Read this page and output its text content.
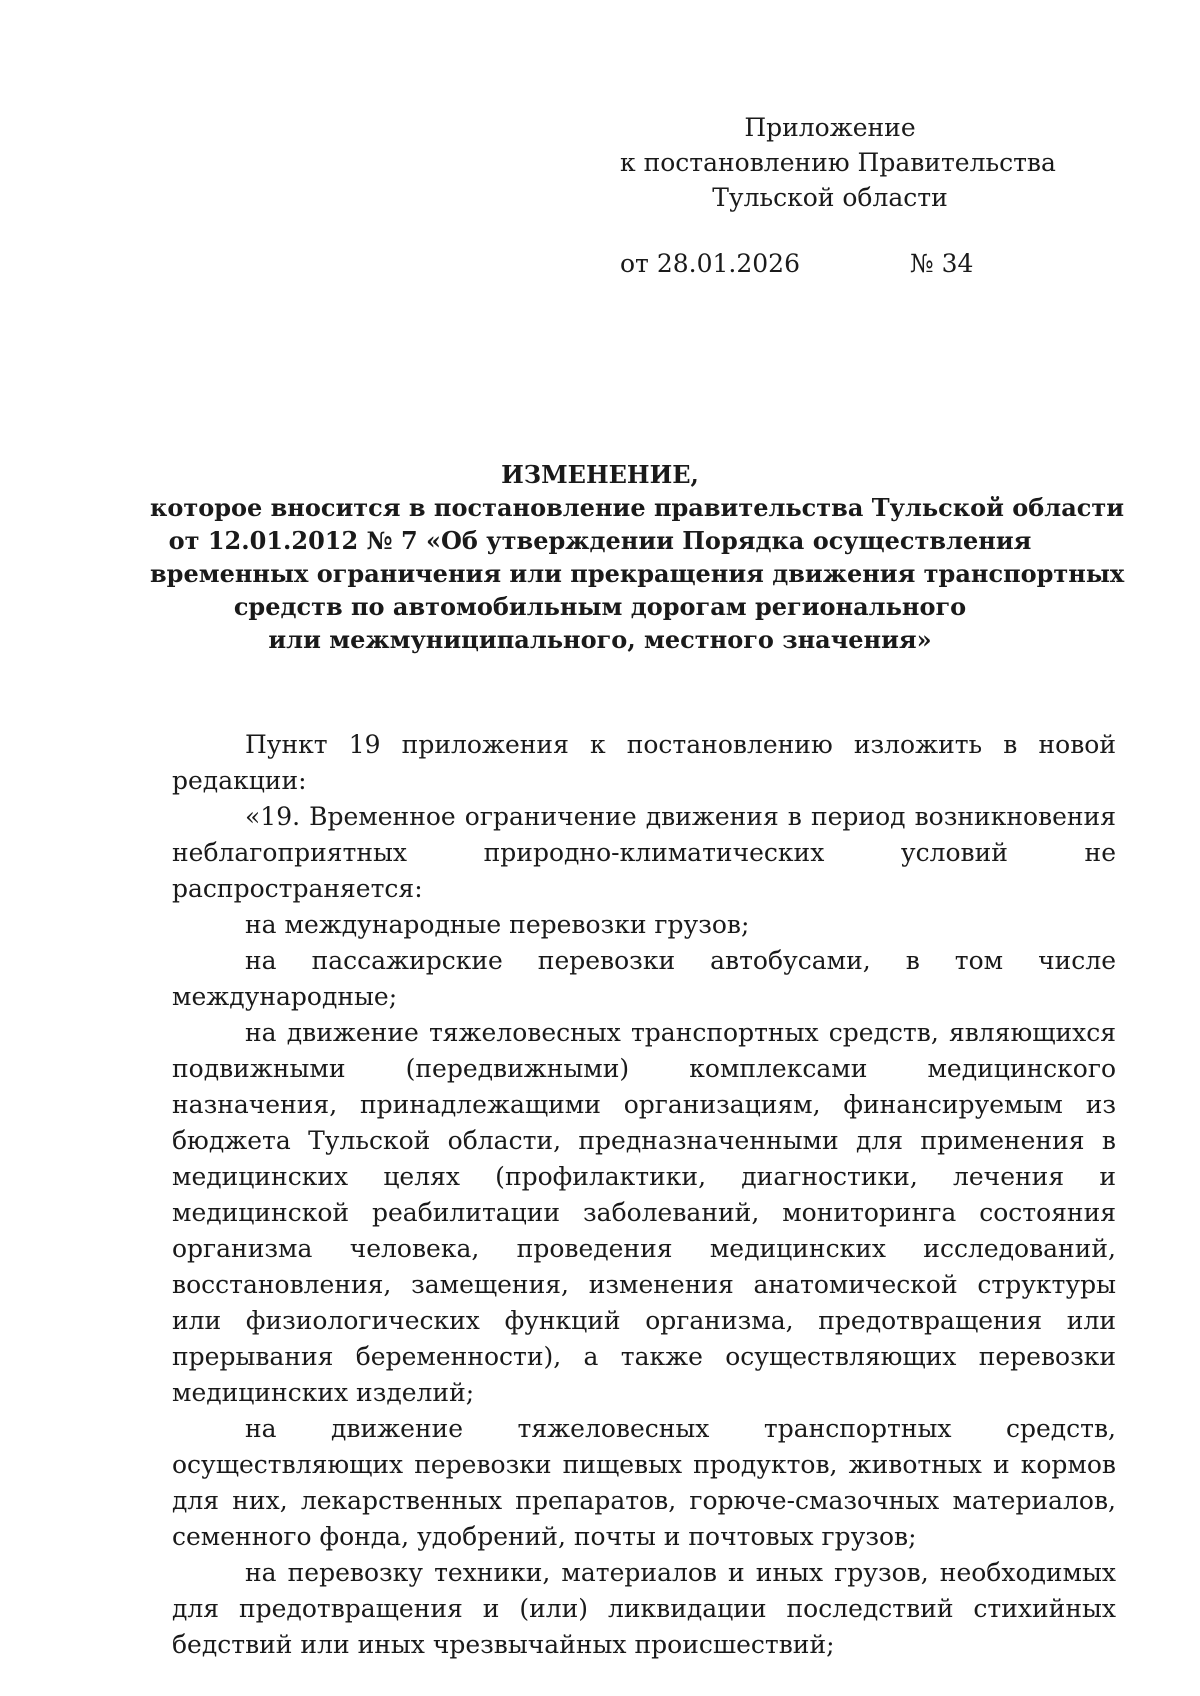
Приложение
к постановлению Правительства
Тульской области
от 28.01.2026	№ 34
ИЗМЕНЕНИЕ,
которое вносится в постановление правительства Тульской области
от 12.01.2012 № 7 «Об утверждении Порядка осуществления
временных ограничения или прекращения движения транспортных
средств по автомобильным дорогам регионального
или межмуниципального, местного значения»

Пункт 19 приложения к постановлению изложить в новой редакции:

«19. Временное ограничение движения в период возникновения неблагоприятных природно-климатических условий не распространяется:

на международные перевозки грузов;

на пассажирские перевозки автобусами, в том числе международные;

на движение тяжеловесных транспортных средств, являющихся подвижными (передвижными) комплексами медицинского назначения, принадлежащими организациям, финансируемым из бюджета Тульской области, предназначенными для применения в медицинских целях (профилактики, диагностики, лечения и медицинской реабилитации заболеваний, мониторинга состояния организма человека, проведения медицинских исследований, восстановления, замещения, изменения анатомической структуры или физиологических функций организма, предотвращения или прерывания беременности), а также осуществляющих перевозки медицинских изделий;

на движение тяжеловесных транспортных средств, осуществляющих перевозки пищевых продуктов, животных и кормов для них, лекарственных препаратов, горюче-смазочных материалов, семенного фонда, удобрений, почты и почтовых грузов;

на перевозку техники, материалов и иных грузов, необходимых для предотвращения и (или) ликвидации последствий стихийных бедствий или иных чрезвычайных происшествий;
